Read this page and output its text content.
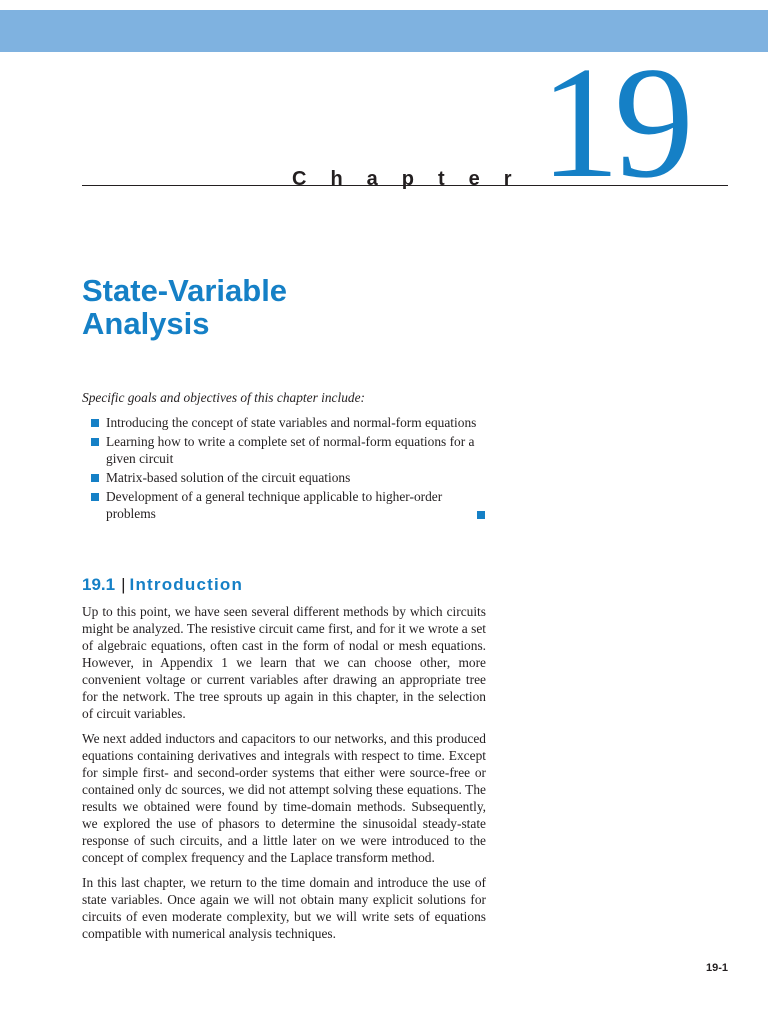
Chapter 19
State-Variable
Analysis

Specific goals and objectives of this chapter include:

Introducing the concept of state variables and normal-form equations
Learning how to write a complete set of normal-form equations for a given circuit
Matrix-based solution of the circuit equations
Development of a general technique applicable to higher-order problems
19.1 | Introduction

Up to this point, we have seen several different methods by which circuits might be analyzed. The resistive circuit came first, and for it we wrote a set of algebraic equations, often cast in the form of nodal or mesh equations. However, in Appendix 1 we learn that we can choose other, more convenient voltage or current variables after drawing an appropriate tree for the network. The tree sprouts up again in this chapter, in the selection of circuit variables.

We next added inductors and capacitors to our networks, and this produced equations containing derivatives and integrals with respect to time. Except for simple first- and second-order systems that either were source-free or contained only dc sources, we did not attempt solving these equations. The results we obtained were found by time-domain methods. Subsequently, we explored the use of phasors to determine the sinusoidal steady-state response of such circuits, and a little later on we were introduced to the concept of complex frequency and the Laplace transform method.

In this last chapter, we return to the time domain and introduce the use of state variables. Once again we will not obtain many explicit solutions for circuits of even moderate complexity, but we will write sets of equations compatible with numerical analysis techniques.

19-1
